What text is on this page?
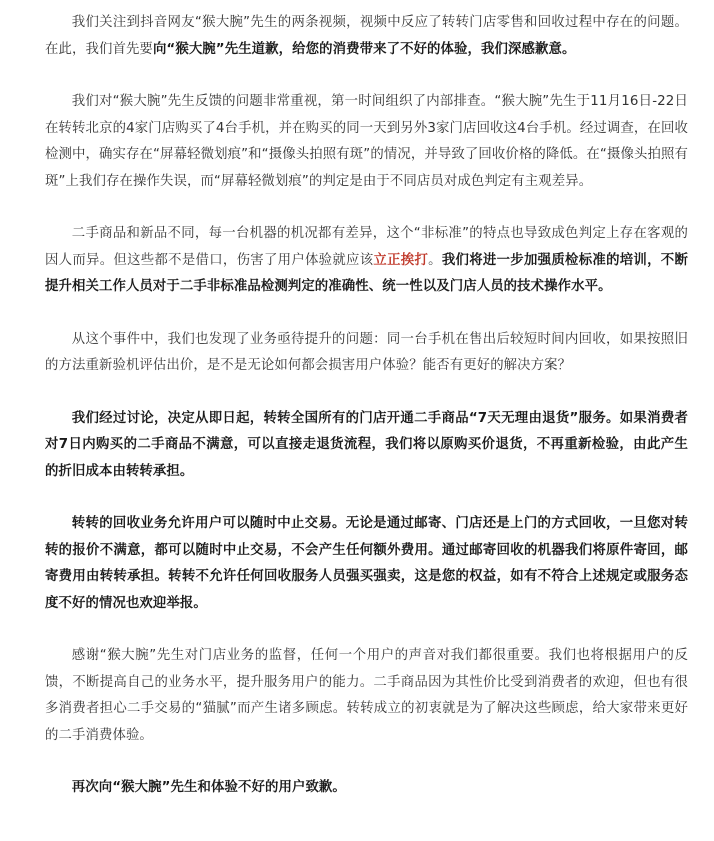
我们关注到抖音网友“猴大腕”先生的两条视频，视频中反应了转转门店零售和回收过程中存在的问题。在此，我们首先要向“猴大腕”先生道歉，给您的消费带来了不好的体验，我们深感歉意。

我们对“猴大腕”先生反馈的问题非常重视，第一时间组织了内部排查。“猴大腕”先生于11月16日-22日在转转北京的4家门店购买了4台手机，并在购买的同一天到另外3家门店回收这4台手机。经过调查，在回收检测中，确实存在“屏幕轻微划痕”和“摄像头拍照有斑”的情况，并导致了回收价格的降低。在“摄像头拍照有斑”上我们存在操作失误，而“屏幕轻微划痕”的判定是由于不同店员对成色判定有主观差异。

二手商品和新品不同，每一台机器的机况都有差异，这个“非标准”的特点也导致成色判定上存在客观的因人而异。但这些都不是借口，伤害了用户体验就应该立正挨打。我们将进一步加强质检标准的培训，不断提升相关工作人员对于二手非标准品检测判定的准确性、统一性以及门店人员的技术操作水平。

从这个事件中，我们也发现了业务亟待提升的问题：同一台手机在售出后较短时间内回收，如果按照旧的方法重新验机评估出价，是不是无论如何都会损害用户体验？能否有更好的解决方案？

我们经过讨论，决定从即日起，转转全国所有的门店开通二手商品“7天无理由退货”服务。如果消费者对7日内购买的二手商品不满意，可以直接走退货流程，我们将以原购买价退货，不再重新检验，由此产生的折旧成本由转转承担。

转转的回收业务允许用户可以随时中止交易。无论是通过邮寄、门店还是上门的方式回收，一旦您对转转的报价不满意，都可以随时中止交易，不会产生任何额外费用。通过邮寄回收的机器我们将原件寄回，邮寄费用由转转承担。转转不允许任何回收服务人员强买强卖，这是您的权益，如有不符合上述规定或服务态度不好的情况也欢迎举报。

感谢“猴大腕”先生对门店业务的监督，任何一个用户的声音对我们都很重要。我们也将根据用户的反馈，不断提高自己的业务水平，提升服务用户的能力。二手商品因为其性价比受到消费者的欢迎，但也有很多消费者担心二手交易的“猫腻”而产生诸多顾虑。转转成立的初衷就是为了解决这些顾虑，给大家带来更好的二手消费体验。

再次向“猴大腕”先生和体验不好的用户致歉。
